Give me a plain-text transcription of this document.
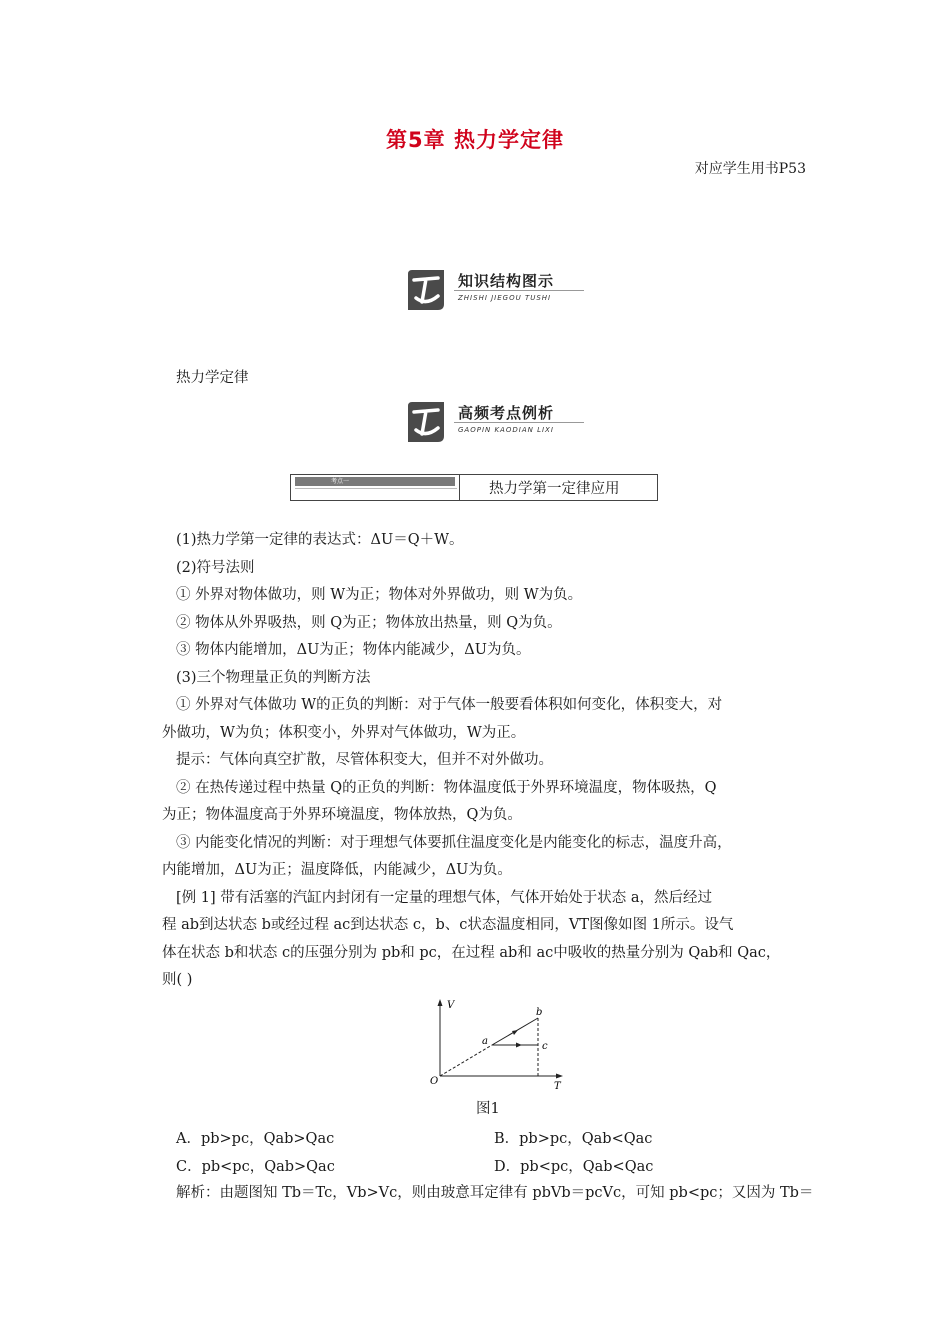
第5章 热力学定律
对应学生用书P53
知识结构图示
ZHISHI JIEGOU TUSHI
热力学定律
高频考点例析
GAOPIN KAODIAN LIXI
考点一	热力学第一定律应用

(1)热力学第一定律的表达式：ΔU＝Q＋W。

(2)符号法则

① 外界对物体做功，则 W为正；物体对外界做功，则 W为负。

② 物体从外界吸热，则 Q为正；物体放出热量，则 Q为负。

③ 物体内能增加，ΔU为正；物体内能减少，ΔU为负。

(3)三个物理量正负的判断方法

① 外界对气体做功 W的正负的判断：对于气体一般要看体积如何变化，体积变大，对

外做功，W为负；体积变小，外界对气体做功，W为正。

提示：气体向真空扩散，尽管体积变大，但并不对外做功。

② 在热传递过程中热量 Q的正负的判断：物体温度低于外界环境温度，物体吸热，Q

为正；物体温度高于外界环境温度，物体放热，Q为负。

③ 内能变化情况的判断：对于理想气体要抓住温度变化是内能变化的标志，温度升高，

内能增加，ΔU为正；温度降低，内能减少，ΔU为负。

[例 1] 带有活塞的汽缸内封闭有一定量的理想气体，气体开始处于状态 a，然后经过

程 ab到达状态 b或经过程 ac到达状态 c，b、c状态温度相同，VT图像如图 1所示。设气

体在状态 b和状态 c的压强分别为 pb和 pc，在过程 ab和 ac中吸收的热量分别为 Qab和 Qac，

则( )

V
T
O
a
b
c
图1
A．pb>pc，Qab>Qac	B．pb>pc，Qab<Qac
C．pb<pc，Qab>Qac	D．pb<pc，Qab<Qac
解析：由题图知 Tb＝Tc，Vb>Vc，则由玻意耳定律有 pbVb＝pcVc，可知 pb<pc；又因为 Tb＝
